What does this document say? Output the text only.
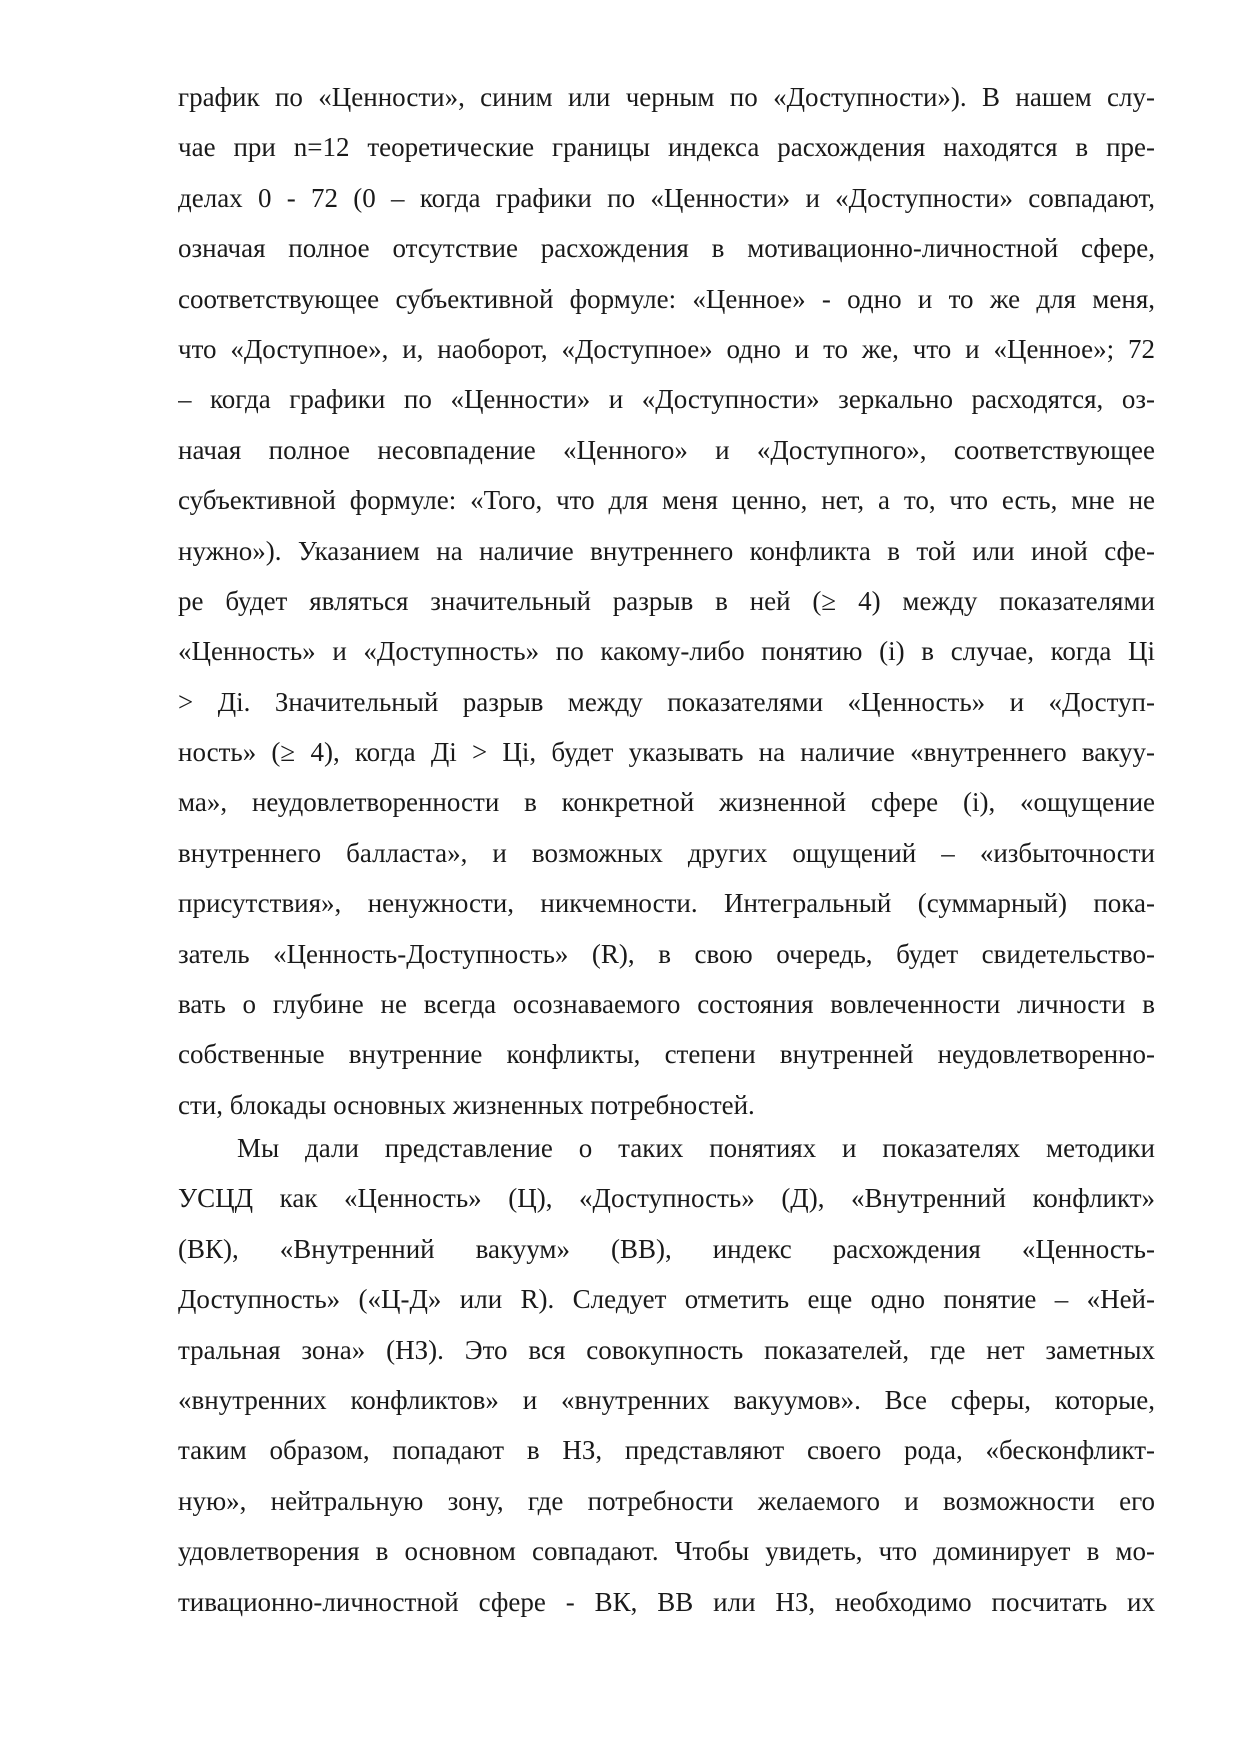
график по «Ценности», синим или черным по «Доступности»). В нашем слу-
чае при n=12 теоретические границы индекса расхождения находятся в пре-
делах 0 - 72 (0 – когда графики по «Ценности» и «Доступности» совпадают,
означая полное отсутствие расхождения в мотивационно-личностной сфере,
соответствующее субъективной формуле: «Ценное» - одно и то же для меня,
что «Доступное», и, наоборот, «Доступное» одно и то же, что и «Ценное»; 72
– когда графики по «Ценности» и «Доступности» зеркально расходятся, оз-
начая полное несовпадение «Ценного» и «Доступного», соответствующее
субъективной формуле: «Того, что для меня ценно, нет, а то, что есть, мне не
нужно»). Указанием на наличие внутреннего конфликта в той или иной сфе-
ре будет являться значительный разрыв в ней (≥ 4) между показателями
«Ценность» и «Доступность» по какому-либо понятию (i) в случае, когда Цi
> Дi. Значительный разрыв между показателями «Ценность» и «Доступ-
ность» (≥ 4), когда Дi > Цi, будет указывать на наличие «внутреннего вакуу-
ма», неудовлетворенности в конкретной жизненной сфере (i), «ощущение
внутреннего балласта», и возможных других ощущений – «избыточности
присутствия», ненужности, никчемности. Интегральный (суммарный) пока-
затель «Ценность-Доступность» (R), в свою очередь, будет свидетельство-
вать о глубине не всегда осознаваемого состояния вовлеченности личности в
собственные внутренние конфликты, степени внутренней неудовлетворенно-
сти, блокады основных жизненных потребностей.
Мы дали представление о таких понятиях и показателях методики
УСЦД как «Ценность» (Ц), «Доступность» (Д), «Внутренний конфликт»
(ВК), «Внутренний вакуум» (ВВ), индекс расхождения «Ценность-
Доступность» («Ц-Д» или R). Следует отметить еще одно понятие – «Ней-
тральная зона» (НЗ). Это вся совокупность показателей, где нет заметных
«внутренних конфликтов» и «внутренних вакуумов». Все сферы, которые,
таким образом, попадают в НЗ, представляют своего рода, «бесконфликт-
ную», нейтральную зону, где потребности желаемого и возможности его
удовлетворения в основном совпадают. Чтобы увидеть, что доминирует в мо-
тивационно-личностной сфере - ВК, ВВ или НЗ, необходимо посчитать их
